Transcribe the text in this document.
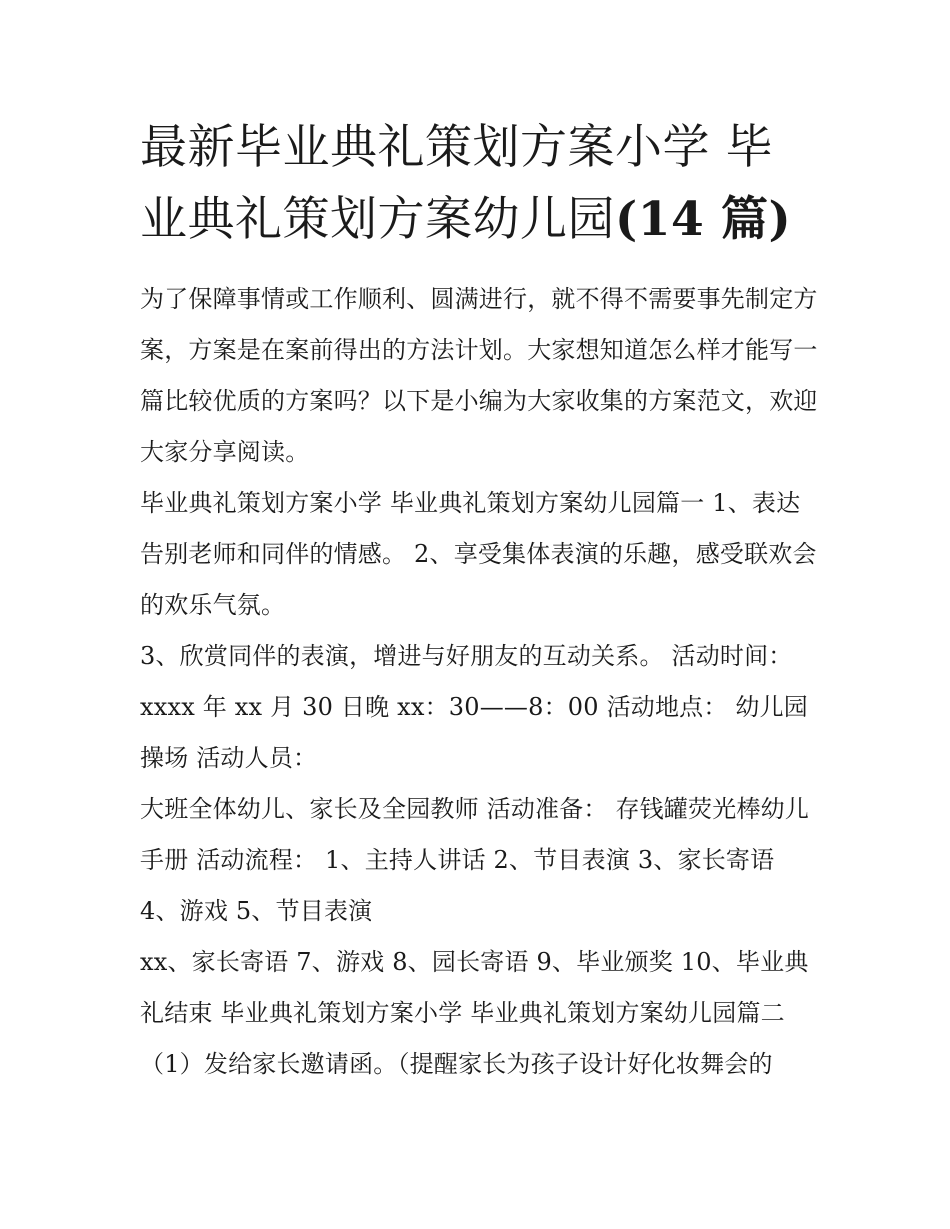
最新毕业典礼策划方案小学 毕业典礼策划方案幼儿园(14 篇)

为了保障事情或工作顺利、圆满进行，就不得不需要事先制定方案，方案是在案前得出的方法计划。大家想知道怎么样才能写一篇比较优质的方案吗？以下是小编为大家收集的方案范文，欢迎大家分享阅读。

毕业典礼策划方案小学 毕业典礼策划方案幼儿园篇一 1、表达告别老师和同伴的情感。 2、享受集体表演的乐趣，感受联欢会的欢乐气氛。

3、欣赏同伴的表演，增进与好朋友的互动关系。 活动时间： xxxx 年 xx 月 30 日晚 xx：30——8：00 活动地点： 幼儿园操场 活动人员：

大班全体幼儿、家长及全园教师 活动准备： 存钱罐荧光棒幼儿手册 活动流程： 1、主持人讲话 2、节目表演 3、家长寄语 4、游戏 5、节目表演

xx、家长寄语 7、游戏 8、园长寄语 9、毕业颁奖 10、毕业典礼结束 毕业典礼策划方案小学 毕业典礼策划方案幼儿园篇二 （1）发给家长邀请函。（提醒家长为孩子设计好化妆舞会的
